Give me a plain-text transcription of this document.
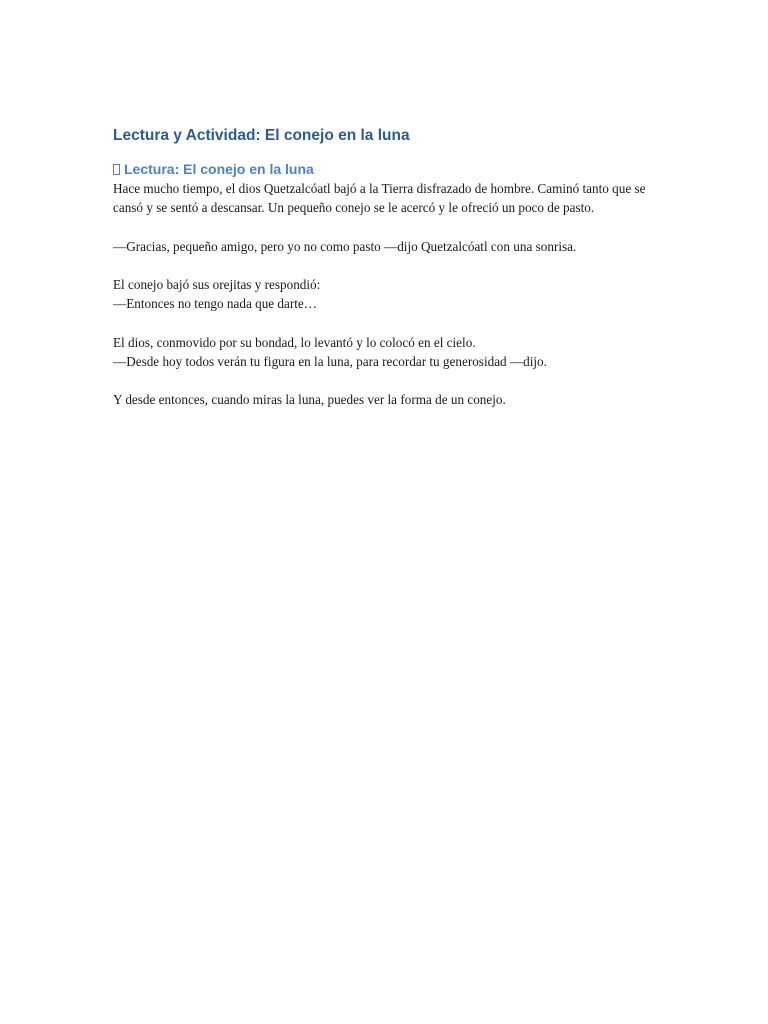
Lectura y Actividad: El conejo en la luna
Lectura: El conejo en la luna

Hace mucho tiempo, el dios Quetzalcóatl bajó a la Tierra disfrazado de hombre. Caminó tanto que se cansó y se sentó a descansar. Un pequeño conejo se le acercó y le ofreció un poco de pasto.

—Gracias, pequeño amigo, pero yo no como pasto —dijo Quetzalcóatl con una sonrisa.

El conejo bajó sus orejitas y respondió:

—Entonces no tengo nada que darte…

El dios, conmovido por su bondad, lo levantó y lo colocó en el cielo.

—Desde hoy todos verán tu figura en la luna, para recordar tu generosidad —dijo.

Y desde entonces, cuando miras la luna, puedes ver la forma de un conejo.
